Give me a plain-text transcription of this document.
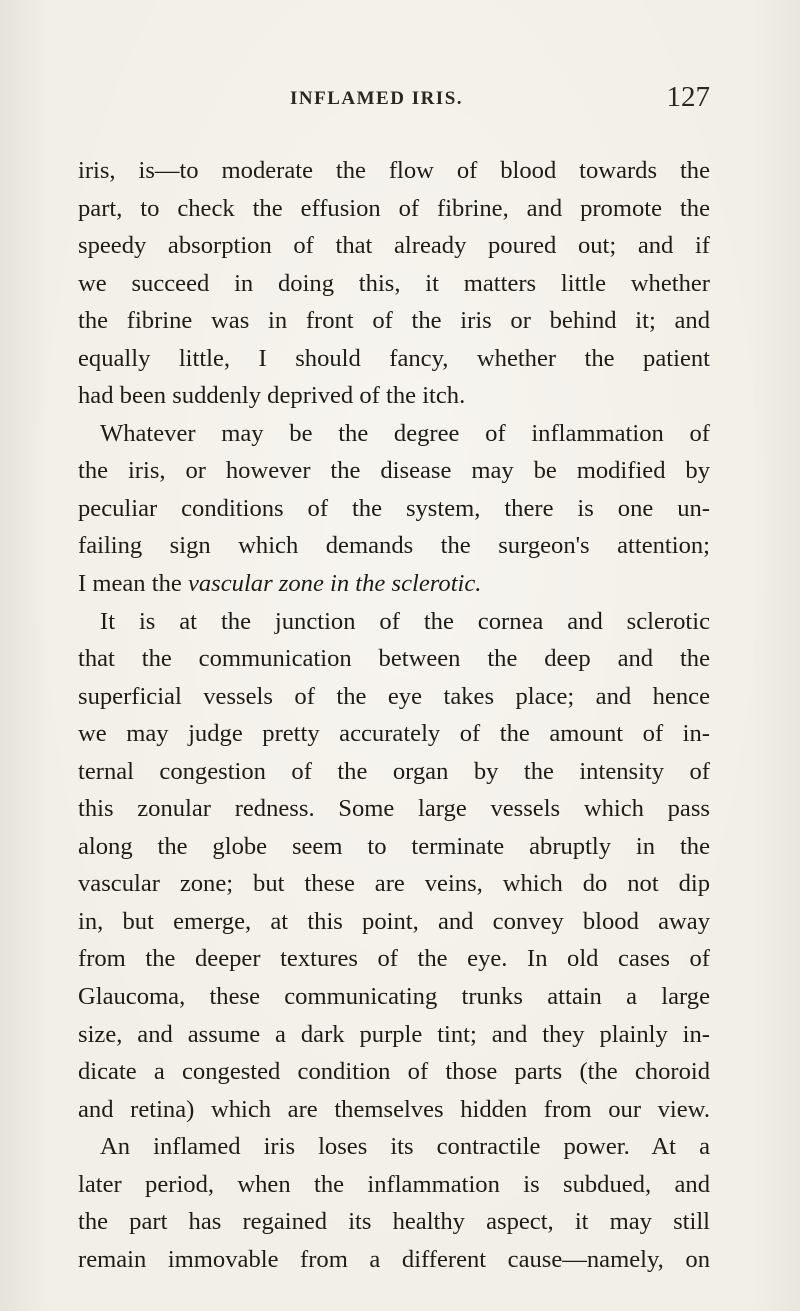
INFLAMED IRIS.	127
iris, is—to moderate the flow of blood towards the
part, to check the effusion of fibrine, and promote the
speedy absorption of that already poured out; and if
we succeed in doing this, it matters little whether
the fibrine was in front of the iris or behind it; and
equally little, I should fancy, whether the patient
had been suddenly deprived of the itch.
Whatever may be the degree of inflammation of
the iris, or however the disease may be modified by
peculiar conditions of the system, there is one un-
failing sign which demands the surgeon's attention;
I mean the vascular zone in the sclerotic.
It is at the junction of the cornea and sclerotic
that the communication between the deep and the
superficial vessels of the eye takes place; and hence
we may judge pretty accurately of the amount of in-
ternal congestion of the organ by the intensity of
this zonular redness. Some large vessels which pass
along the globe seem to terminate abruptly in the
vascular zone; but these are veins, which do not dip
in, but emerge, at this point, and convey blood away
from the deeper textures of the eye. In old cases of
Glaucoma, these communicating trunks attain a large
size, and assume a dark purple tint; and they plainly in-
dicate a congested condition of those parts (the choroid
and retina) which are themselves hidden from our view.
An inflamed iris loses its contractile power. At a
later period, when the inflammation is subdued, and
the part has regained its healthy aspect, it may still
remain immovable from a different cause—namely, on
